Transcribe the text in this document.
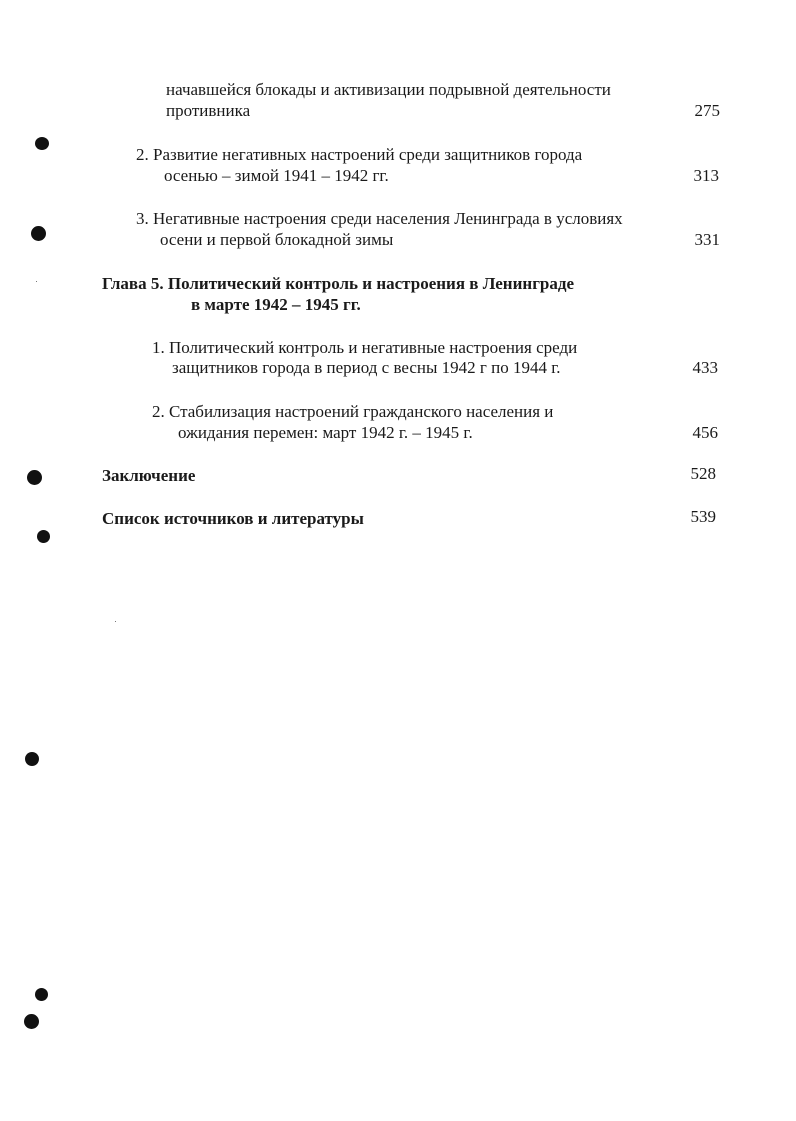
начавшейся блокады и активизации подрывной деятельности
противника	275
2. Развитие негативных настроений среди защитников города
осенью – зимой 1941 – 1942 гг.	313
3. Негативные настроения среди населения Ленинграда в условиях
осени и первой блокадной зимы	331
Глава 5. Политический контроль и настроения в Ленинграде
в марте 1942 – 1945 гг.
1. Политический контроль и негативные настроения среди
защитников города в период с весны 1942 г по 1944 г.	433
2. Стабилизация настроений гражданского населения и
ожидания перемен: март 1942 г. – 1945 г.	456
Заключение	528
Список источников и литературы	539
